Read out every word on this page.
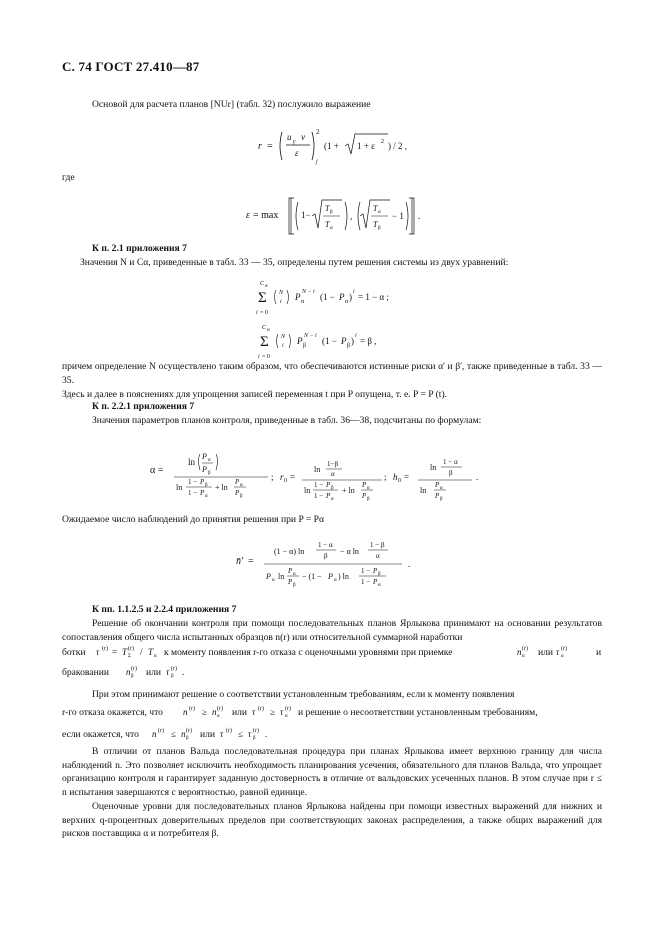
С. 74 ГОСТ 27.410—87

Основой для расчета планов [NUr] (табл. 32) послужило выражение

r =
u γ v
ε
2
j
(1 + 1 + ε 2 ) / 2 ,

где

ε = max	1−
T β
T α
,
T α
T β
− 1 .
К п. 2.1 приложения 7

Значения N и Cα, приведенные в табл. 33 — 35, определены путем решения системы из двух уравнений:

C α
Σ
i = 0
N
i P α
N − i (1 − P α ) i = 1 − α ;
C α
Σ
i = 0
N
i P β
N − i (1 − P β ) i = β ,

причем определение N осуществлено таким образом, что обеспечиваются истинные риски α' и β', также приведенные в табл. 33 — 35.

Здесь и далее в пояснениях для упрощения записей переменная t при P опущена, т. е. P = P (t).

К п. 2.2.1 приложения 7

Значения параметров планов контроля, приведенные в табл. 36—38, подсчитаны по формулам:

α =
ln
P α
P β
ln
1 − P β
1 − P α
+ ln
P α
P β
; r 0 =
ln
1−β
α
ln
1 − P β
1 − P α
+ ln
P α
P β
; h 0 =
ln
1 − α
β
ln
P α
P β
.

Ожидаемое число наблюдений до принятия решения при P = Pα

n̄' =
(1 − α) ln
1 − α
β − α ln
1 − β
α
P α ln
P α
P β
− (1 − P α ) ln
1 − P β
1 − P α
.
К пп. 1.1.2.5 и 2.2.4 приложения 7

Решение об окончании контроля при помощи последовательных планов Ярлыкова принимают на основании результатов сопоставления общего числа испытанных образцов n(r) или относительной суммарной наработки

ботки τ (r) = T Σ
(r) / T α к моменту появления r-го отказа с оценочными уровнями при приемке	n α
(r) или τ α
(r)	и
браковании n β
(r) или τ β
(r) .

При этом принимают решение о соответствии установленным требованиям, если к моменту появления

r-го отказа окажется, что n (r) ≥ n α
(r) или τ (r) ≥ τ α
(r) и решение о несоответствии установленным требованиям,
если окажется, что n (r) ≤ n β
(r) или τ (r) ≤ τ β
(r) .

В отличии от планов Вальда последовательная процедура при планах Ярлыкова имеет верхнюю границу для числа наблюдений n. Это позволяет исключить необходимость планирования усечения, обязательного для планов Вальда, что упрощает организацию контроля и гарантирует заданную достоверность в отличие от вальдовских усеченных планов. В этом случае при r ≤ n испытания завершаются с вероятностью, равной единице.

Оценочные уровни для последовательных планов Ярлыкова найдены при помощи известных выражений для нижних и верхних q-процентных доверительных пределов при соответствующих законах распределения, а также общих выражений для рисков поставщика α и потребителя β.
